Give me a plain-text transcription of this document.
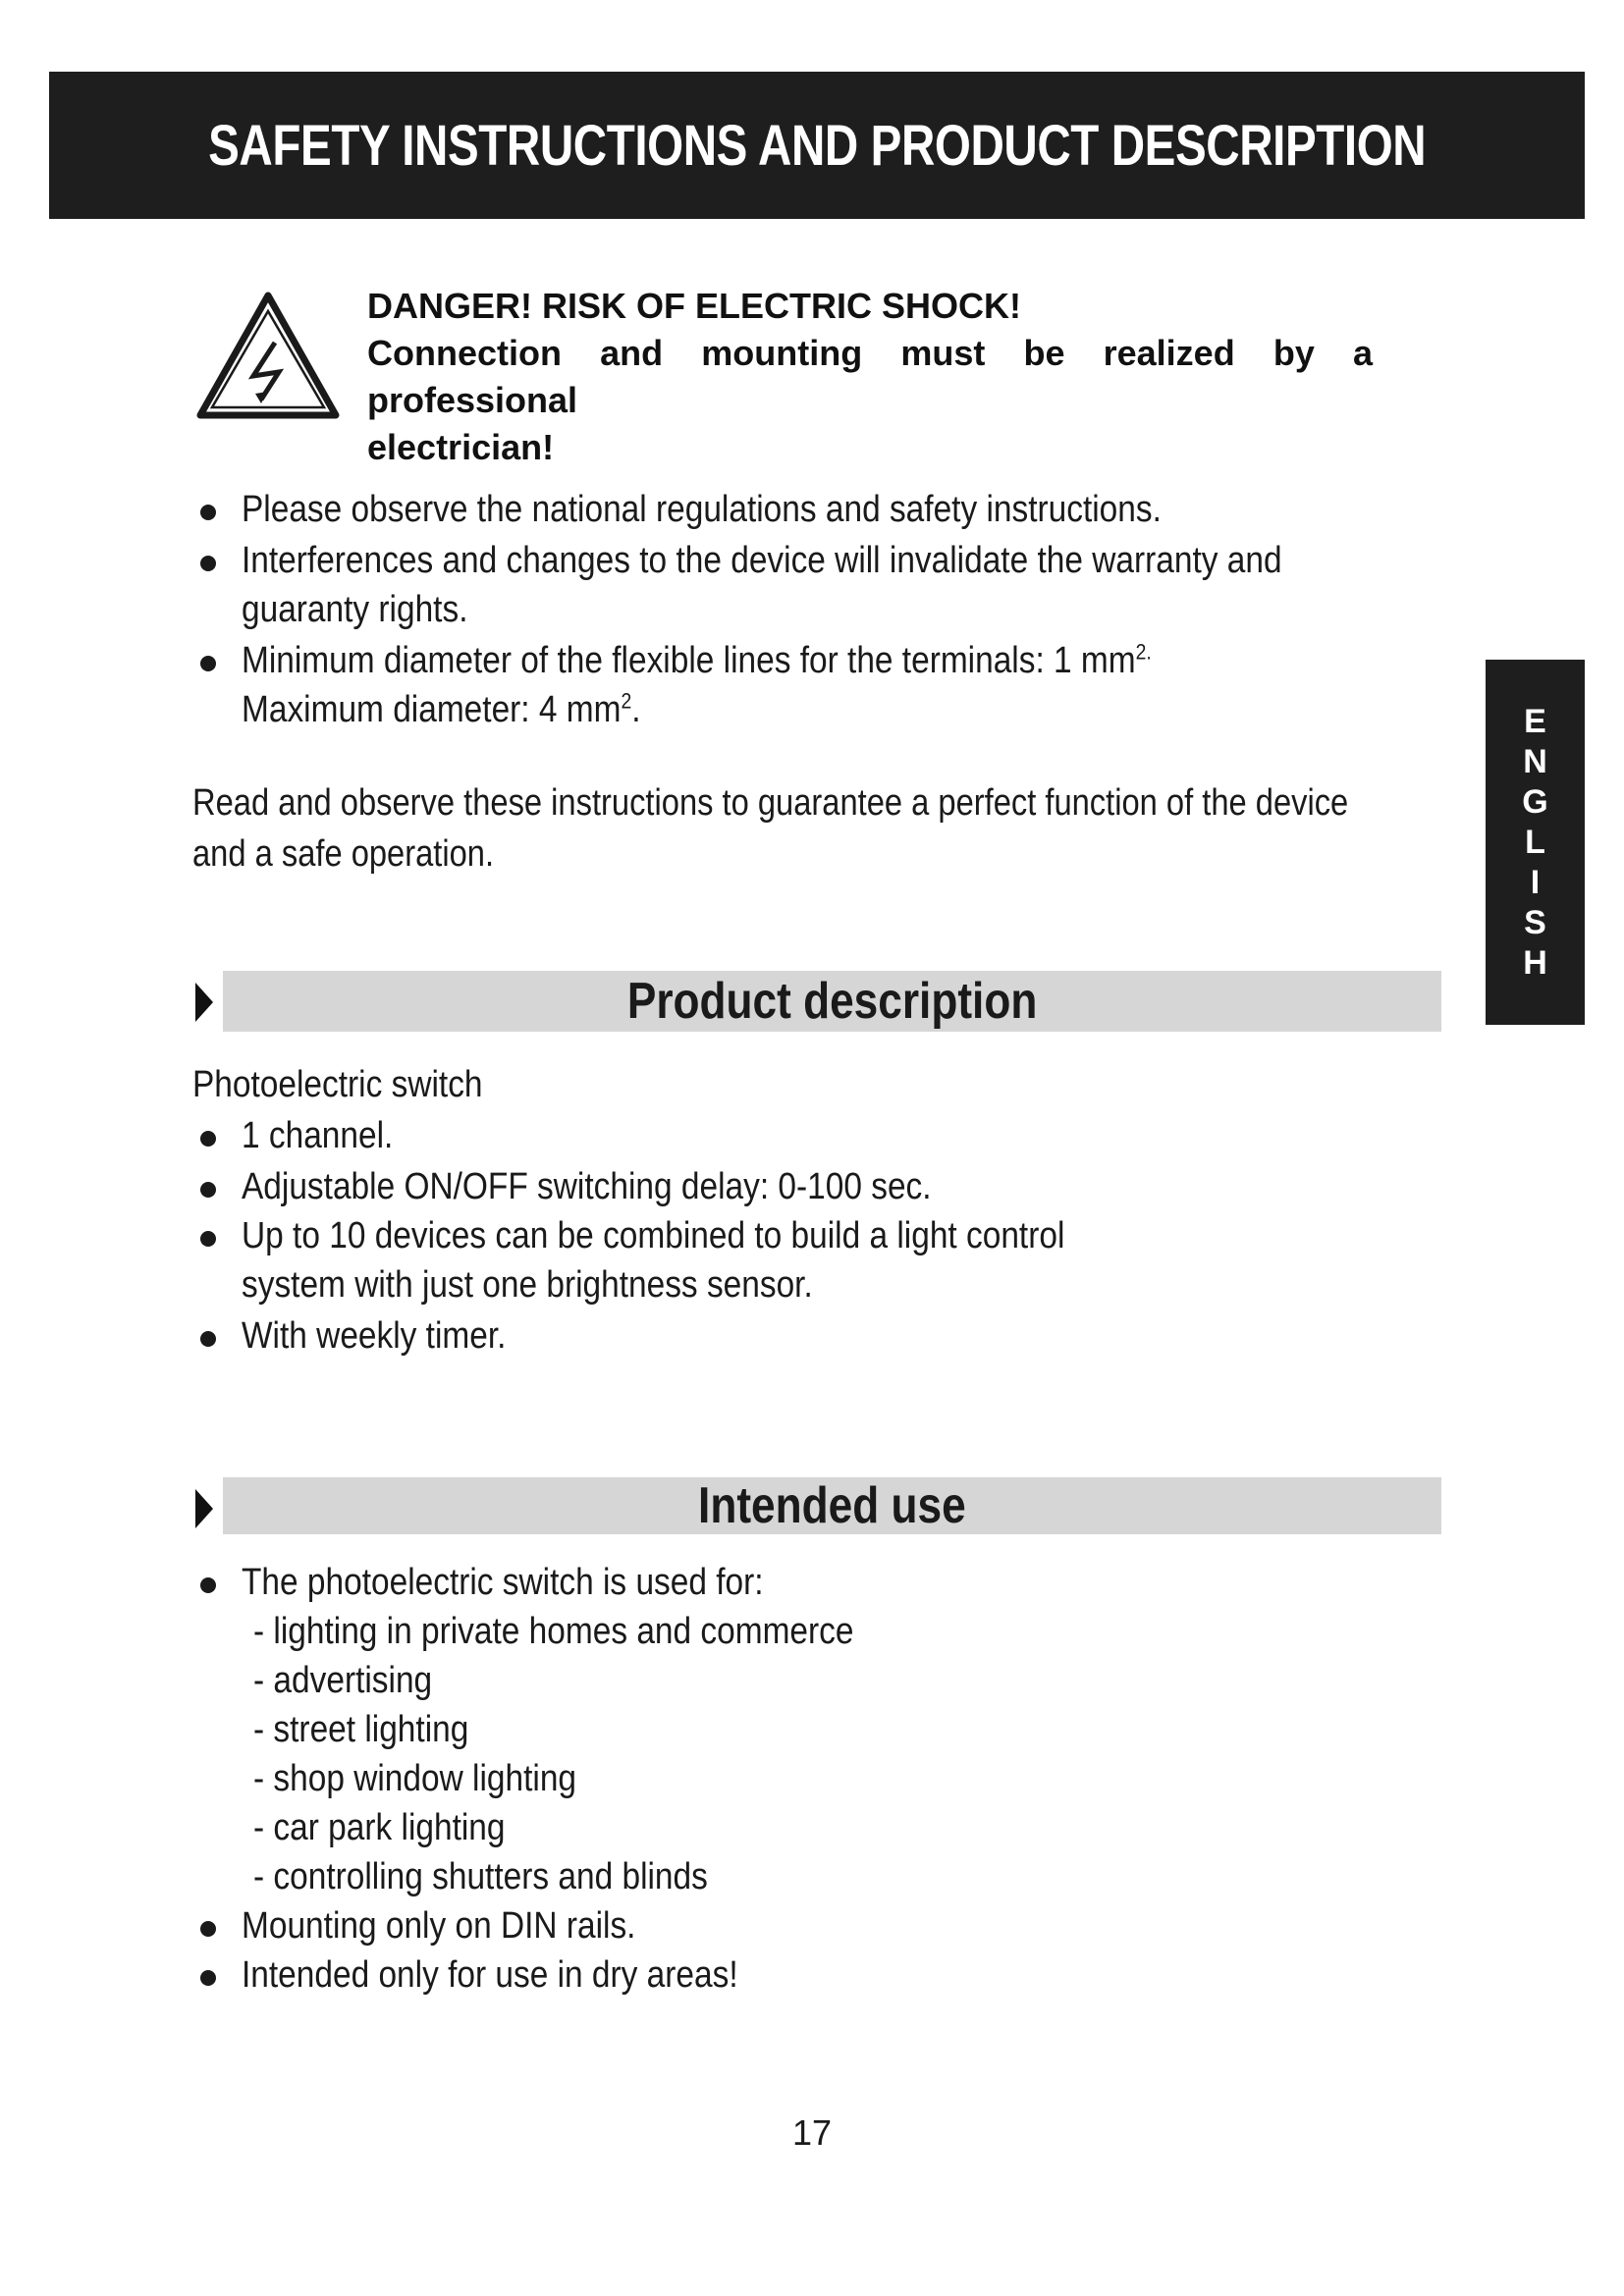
SAFETY INSTRUCTIONS AND PRODUCT DESCRIPTION
DANGER! RISK OF ELECTRIC SHOCK!
Connection and mounting must be realized by a professional
electrician!
Please observe the national regulations and safety instructions.
Interferences and changes to the device will invalidate the warranty and
guaranty rights.
Minimum diameter of the flexible lines for the terminals: 1 $mm^{2.}$
Maximum diameter: 4 $mm^2$.
Read and observe these instructions to guarantee a perfect function of the device
and a safe operation.
E
N
G
L
I
S
H
Product description
Photoelectric switch
1 channel.
Adjustable ON/OFF switching delay: 0-100 sec.
Up to 10 devices can be combined to build a light control
system with just one brightness sensor.
With weekly timer.
Intended use
The photoelectric switch is used for:
- lighting in private homes and commerce
- advertising
- street lighting
- shop window lighting
- car park lighting
- controlling shutters and blinds
Mounting only on DIN rails.
Intended only for use in dry areas!
17
